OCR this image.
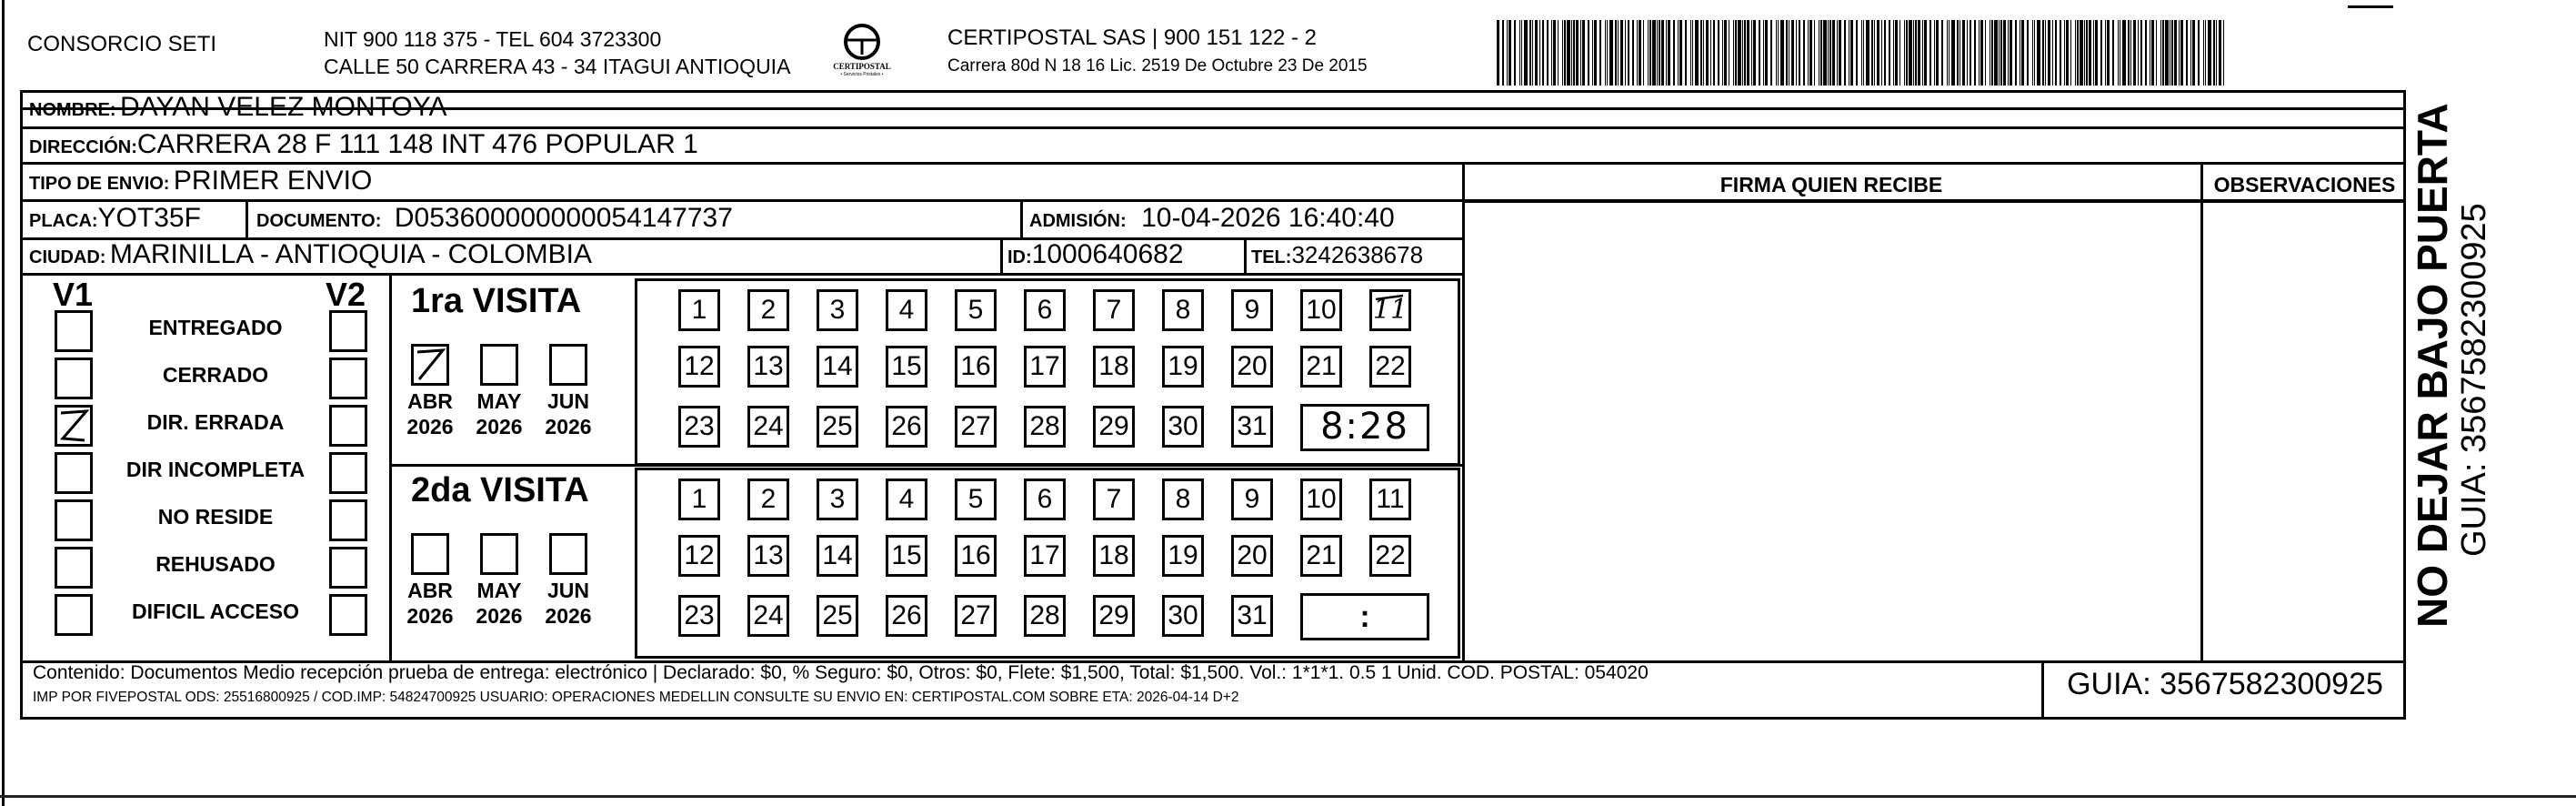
CONSORCIO SETI	NIT 900 118 375 - TEL 604 3723300
CALLE 50 CARRERA 43 - 34 ITAGUI ANTIOQUIA	CERTIPOSTAL
• Servicios Postales •
CERTIPOSTAL SAS | 900 151 122 - 2
Carrera 80d N 18 16 Lic. 2519 De Octubre 23 De 2015
NOMBRE: DAYAN VELEZ MONTOYA
DIRECCIÓN:CARRERA 28 F 111 148 INT 476 POPULAR 1
TIPO DE ENVIO: PRIMER ENVIO	FIRMA QUIEN RECIBE	OBSERVACIONES
PLACA:YOT35F	DOCUMENTO: D053600000000054147737	ADMISIÓN: 10-04-2026 16:40:40
CIUDAD: MARINILLA - ANTIOQUIA - COLOMBIA	ID:1000640682	TEL:3242638678
V1	V2
ENTREGADO
CERRADO
DIR. ERRADA
DIR INCOMPLETA
NO RESIDE
REHUSADO
DIFICIL ACCESO
1ra VISITA
2da VISITA
ABR
2026
MAY
2026
JUN
2026
1	2	3	4	5	6	7	8	9	10 11
12 13 14 15 16 17 18 19 20 21 22
23 24 25 26 27 28 29 30 31	8:28
ABR
2026
MAY
2026
JUN
2026
1	2	3	4	5	6	7	8	9	10 11
12 13 14 15 16 17 18 19 20 21 22
23 24 25 26 27 28 29 30 31	:
Contenido: Documentos Medio recepción prueba de entrega: electrónico | Declarado: $0, % Seguro: $0, Otros: $0, Flete: $1,500, Total: $1,500. Vol.: 1*1*1. 0.5 1 Unid. COD. POSTAL: 054020
IMP POR FIVEPOSTAL ODS: 25516800925 / COD.IMP: 54824700925 USUARIO: OPERACIONES MEDELLIN CONSULTE SU ENVIO EN: CERTIPOSTAL.COM SOBRE ETA: 2026-04-14 D+2	GUIA: 3567582300925
NO DEJAR BAJO PUERTA GUIA: 3567582300925
